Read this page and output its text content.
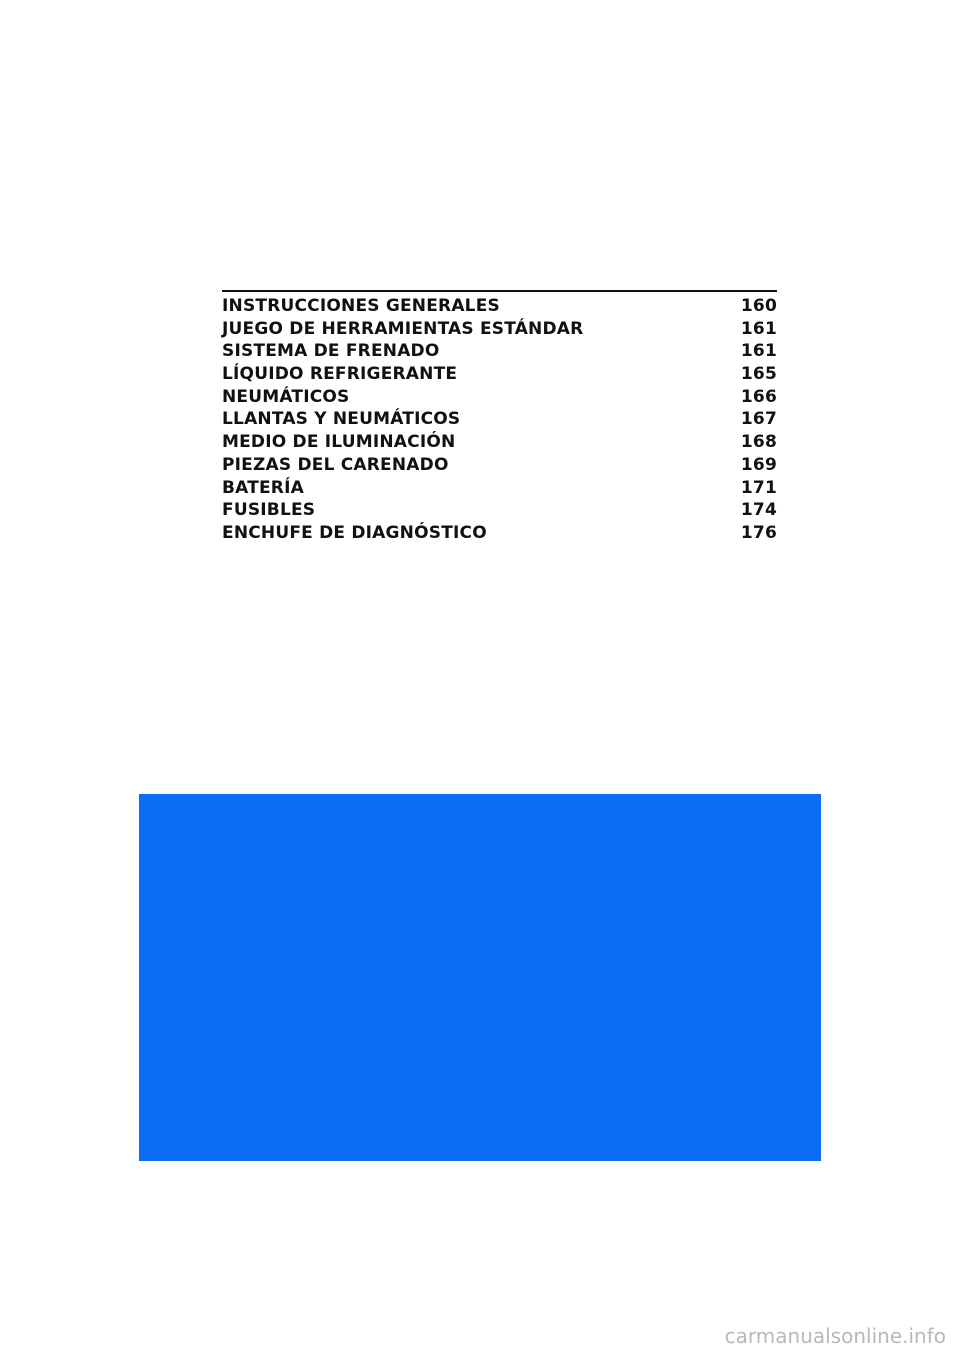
INSTRUCCIONES GENERALES	160
JUEGO DE HERRAMIENTAS ESTÁNDAR	161
SISTEMA DE FRENADO	161
LÍQUIDO REFRIGERANTE	165
NEUMÁTICOS	166
LLANTAS Y NEUMÁTICOS	167
MEDIO DE ILUMINACIÓN	168
PIEZAS DEL CARENADO	169
BATERÍA	171
FUSIBLES	174
ENCHUFE DE DIAGNÓSTICO	176
carmanualsonline.info
